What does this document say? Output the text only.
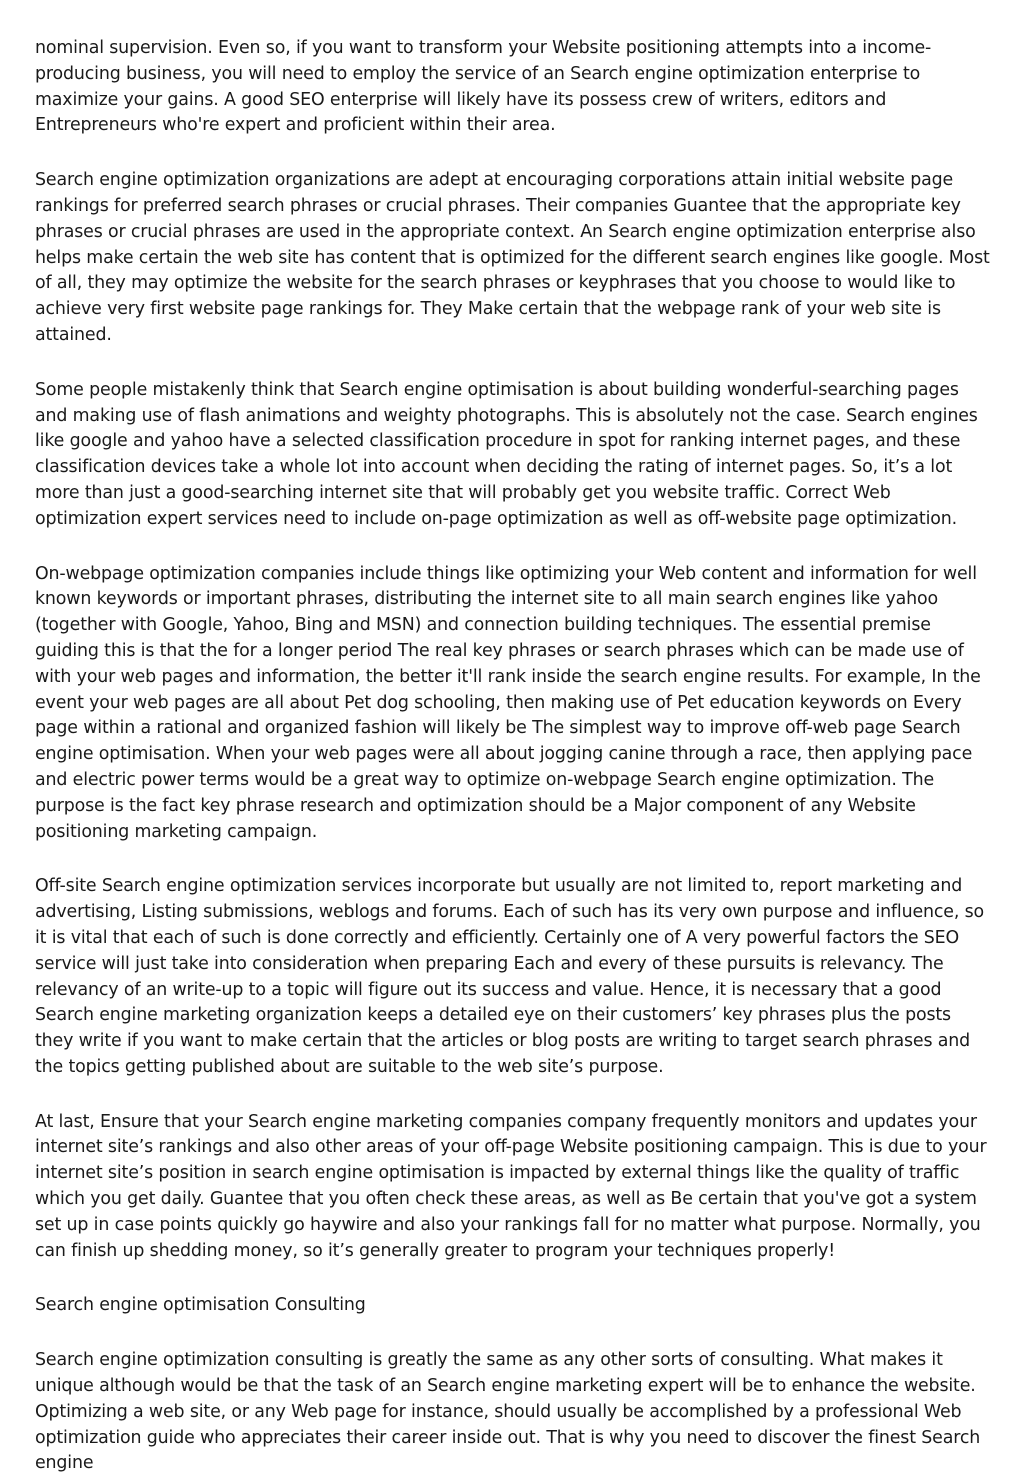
nominal supervision. Even so, if you want to transform your Website positioning attempts into a income-producing business, you will need to employ the service of an Search engine optimization enterprise to maximize your gains. A good SEO enterprise will likely have its possess crew of writers, editors and Entrepreneurs who're expert and proficient within their area.

Search engine optimization organizations are adept at encouraging corporations attain initial website page rankings for preferred search phrases or crucial phrases. Their companies Guantee that the appropriate key phrases or crucial phrases are used in the appropriate context. An Search engine optimization enterprise also helps make certain the web site has content that is optimized for the different search engines like google. Most of all, they may optimize the website for the search phrases or keyphrases that you choose to would like to achieve very first website page rankings for. They Make certain that the webpage rank of your web site is attained.

Some people mistakenly think that Search engine optimisation is about building wonderful-searching pages and making use of flash animations and weighty photographs. This is absolutely not the case. Search engines like google and yahoo have a selected classification procedure in spot for ranking internet pages, and these classification devices take a whole lot into account when deciding the rating of internet pages. So, it’s a lot more than just a good-searching internet site that will probably get you website traffic. Correct Web optimization expert services need to include on-page optimization as well as off-website page optimization.

On-webpage optimization companies include things like optimizing your Web content and information for well known keywords or important phrases, distributing the internet site to all main search engines like yahoo (together with Google, Yahoo, Bing and MSN) and connection building techniques. The essential premise guiding this is that the for a longer period The real key phrases or search phrases which can be made use of with your web pages and information, the better it'll rank inside the search engine results. For example, In the event your web pages are all about Pet dog schooling, then making use of Pet education keywords on Every page within a rational and organized fashion will likely be The simplest way to improve off-web page Search engine optimisation. When your web pages were all about jogging canine through a race, then applying pace and electric power terms would be a great way to optimize on-webpage Search engine optimization. The purpose is the fact key phrase research and optimization should be a Major component of any Website positioning marketing campaign.

Off-site Search engine optimization services incorporate but usually are not limited to, report marketing and advertising, Listing submissions, weblogs and forums. Each of such has its very own purpose and influence, so it is vital that each of such is done correctly and efficiently. Certainly one of A very powerful factors the SEO service will just take into consideration when preparing Each and every of these pursuits is relevancy. The relevancy of an write-up to a topic will figure out its success and value. Hence, it is necessary that a good Search engine marketing organization keeps a detailed eye on their customers’ key phrases plus the posts they write if you want to make certain that the articles or blog posts are writing to target search phrases and the topics getting published about are suitable to the web site’s purpose.

At last, Ensure that your Search engine marketing companies company frequently monitors and updates your internet site’s rankings and also other areas of your off-page Website positioning campaign. This is due to your internet site’s position in search engine optimisation is impacted by external things like the quality of traffic which you get daily. Guantee that you often check these areas, as well as Be certain that you've got a system set up in case points quickly go haywire and also your rankings fall for no matter what purpose. Normally, you can finish up shedding money, so it’s generally greater to program your techniques properly!

Search engine optimisation Consulting

Search engine optimization consulting is greatly the same as any other sorts of consulting. What makes it unique although would be that the task of an Search engine marketing expert will be to enhance the website. Optimizing a web site, or any Web page for instance, should usually be accomplished by a professional Web optimization guide who appreciates their career inside out. That is why you need to discover the finest Search engine
